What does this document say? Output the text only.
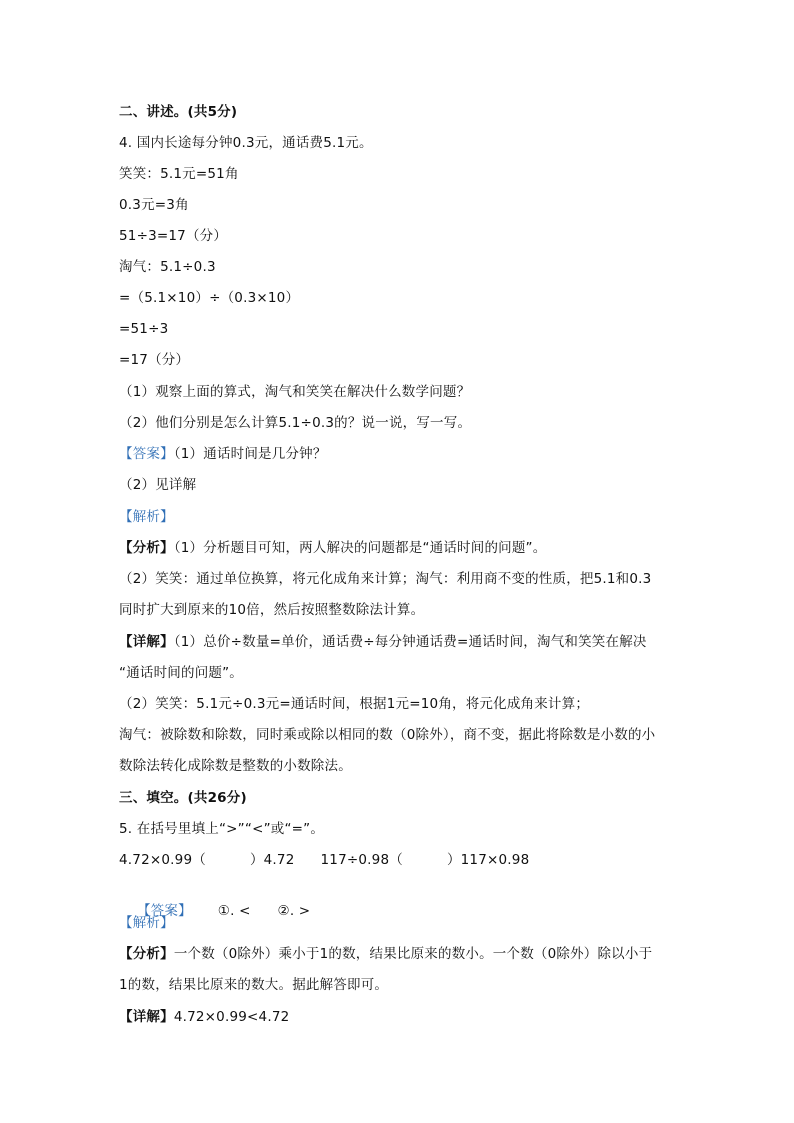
二、讲述。(共5分)
4. 国内长途每分钟0.3元，通话费5.1元。
笑笑：5.1元=51角
0.3元=3角
51÷3=17（分）
淘气：5.1÷0.3
=（5.1×10）÷（0.3×10）
=51÷3
=17（分）
（1）观察上面的算式，淘气和笑笑在解决什么数学问题？
（2）他们分别是怎么计算5.1÷0.3的？说一说，写一写。
【答案】（1）通话时间是几分钟？
（2）见详解
【解析】
【分析】（1）分析题目可知，两人解决的问题都是“通话时间的问题”。
（2）笑笑：通过单位换算，将元化成角来计算；淘气：利用商不变的性质，把5.1和0.3
同时扩大到原来的10倍，然后按照整数除法计算。
【详解】（1）总价÷数量=单价，通话费÷每分钟通话费=通话时间，淘气和笑笑在解决
“通话时间的问题”。
（2）笑笑：5.1元÷0.3元=通话时间，根据1元=10角，将元化成角来计算；
淘气：被除数和除数，同时乘或除以相同的数（0除外），商不变，据此将除数是小数的小
数除法转化成除数是整数的小数除法。
三、填空。(共26分)
5. 在括号里填上“>”“<”或“=”。
4.72×0.99（	）4.72 117÷0.98（	）117×0.98

【答案】 ①. <      ②. >

【解析】
【分析】一个数（0除外）乘小于1的数，结果比原来的数小。一个数（0除外）除以小于
1的数，结果比原来的数大。据此解答即可。
【详解】4.72×0.99<4.72
